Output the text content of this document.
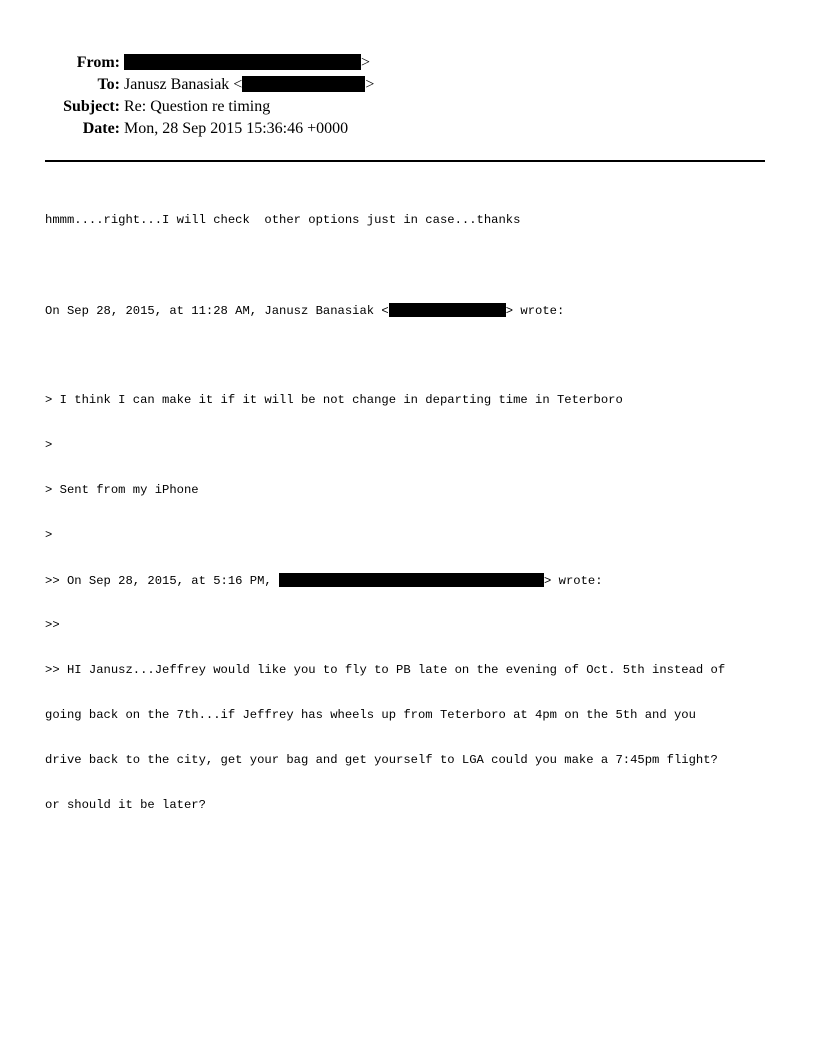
From:	>
To: Janusz Banasiak <	>
Subject: Re: Question re timing
Date: Mon, 28 Sep 2015 15:36:46 +0000

hmmm....right...I will check  other options just in case...thanks

On Sep 28, 2015, at 11:28 AM, Janusz Banasiak <	> wrote:

> I think I can make it if it will be not change in departing time in Teterboro

>

> Sent from my iPhone

>

>> On Sep 28, 2015, at 5:16 PM,	> wrote:

>>

>> HI Janusz...Jeffrey would like you to fly to PB late on the evening of Oct. 5th instead of

going back on the 7th...if Jeffrey has wheels up from Teterboro at 4pm on the 5th and you

drive back to the city, get your bag and get yourself to LGA could you make a 7:45pm flight?

or should it be later?
